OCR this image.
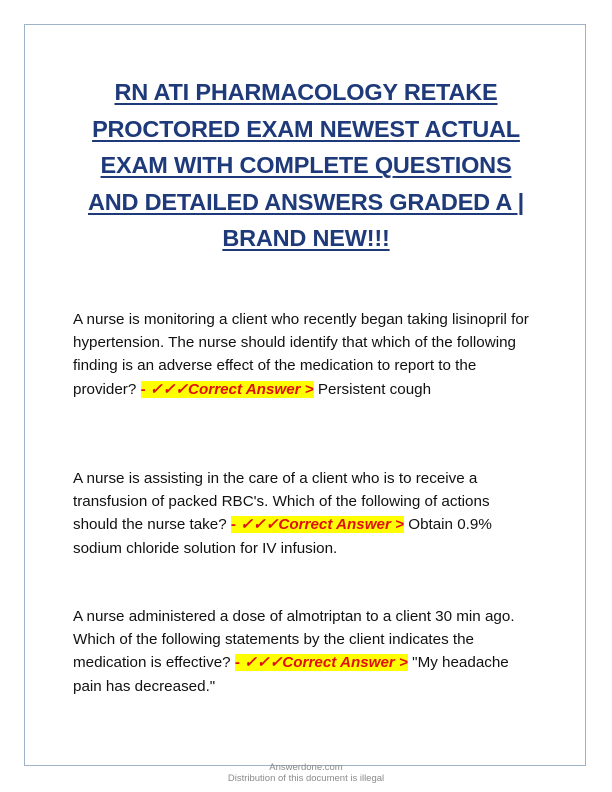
RN ATI PHARMACOLOGY RETAKE
PROCTORED EXAM NEWEST ACTUAL
EXAM WITH COMPLETE QUESTIONS
AND DETAILED ANSWERS GRADED A |
BRAND NEW!!!
A nurse is monitoring a client who recently began taking lisinopril for hypertension. The nurse should identify that which of the following finding is an adverse effect of the medication to report to the provider? - ✓✓✓Correct Answer > Persistent cough
A nurse is assisting in the care of a client who is to receive a transfusion of packed RBC's. Which of the following of actions should the nurse take? - ✓✓✓Correct Answer > Obtain 0.9% sodium chloride solution for IV infusion.
A nurse administered a dose of almotriptan to a client 30 min ago. Which of the following statements by the client indicates the medication is effective? - ✓✓✓Correct Answer > "My headache pain has decreased."
Answerdone.com
Distribution of this document is illegal
